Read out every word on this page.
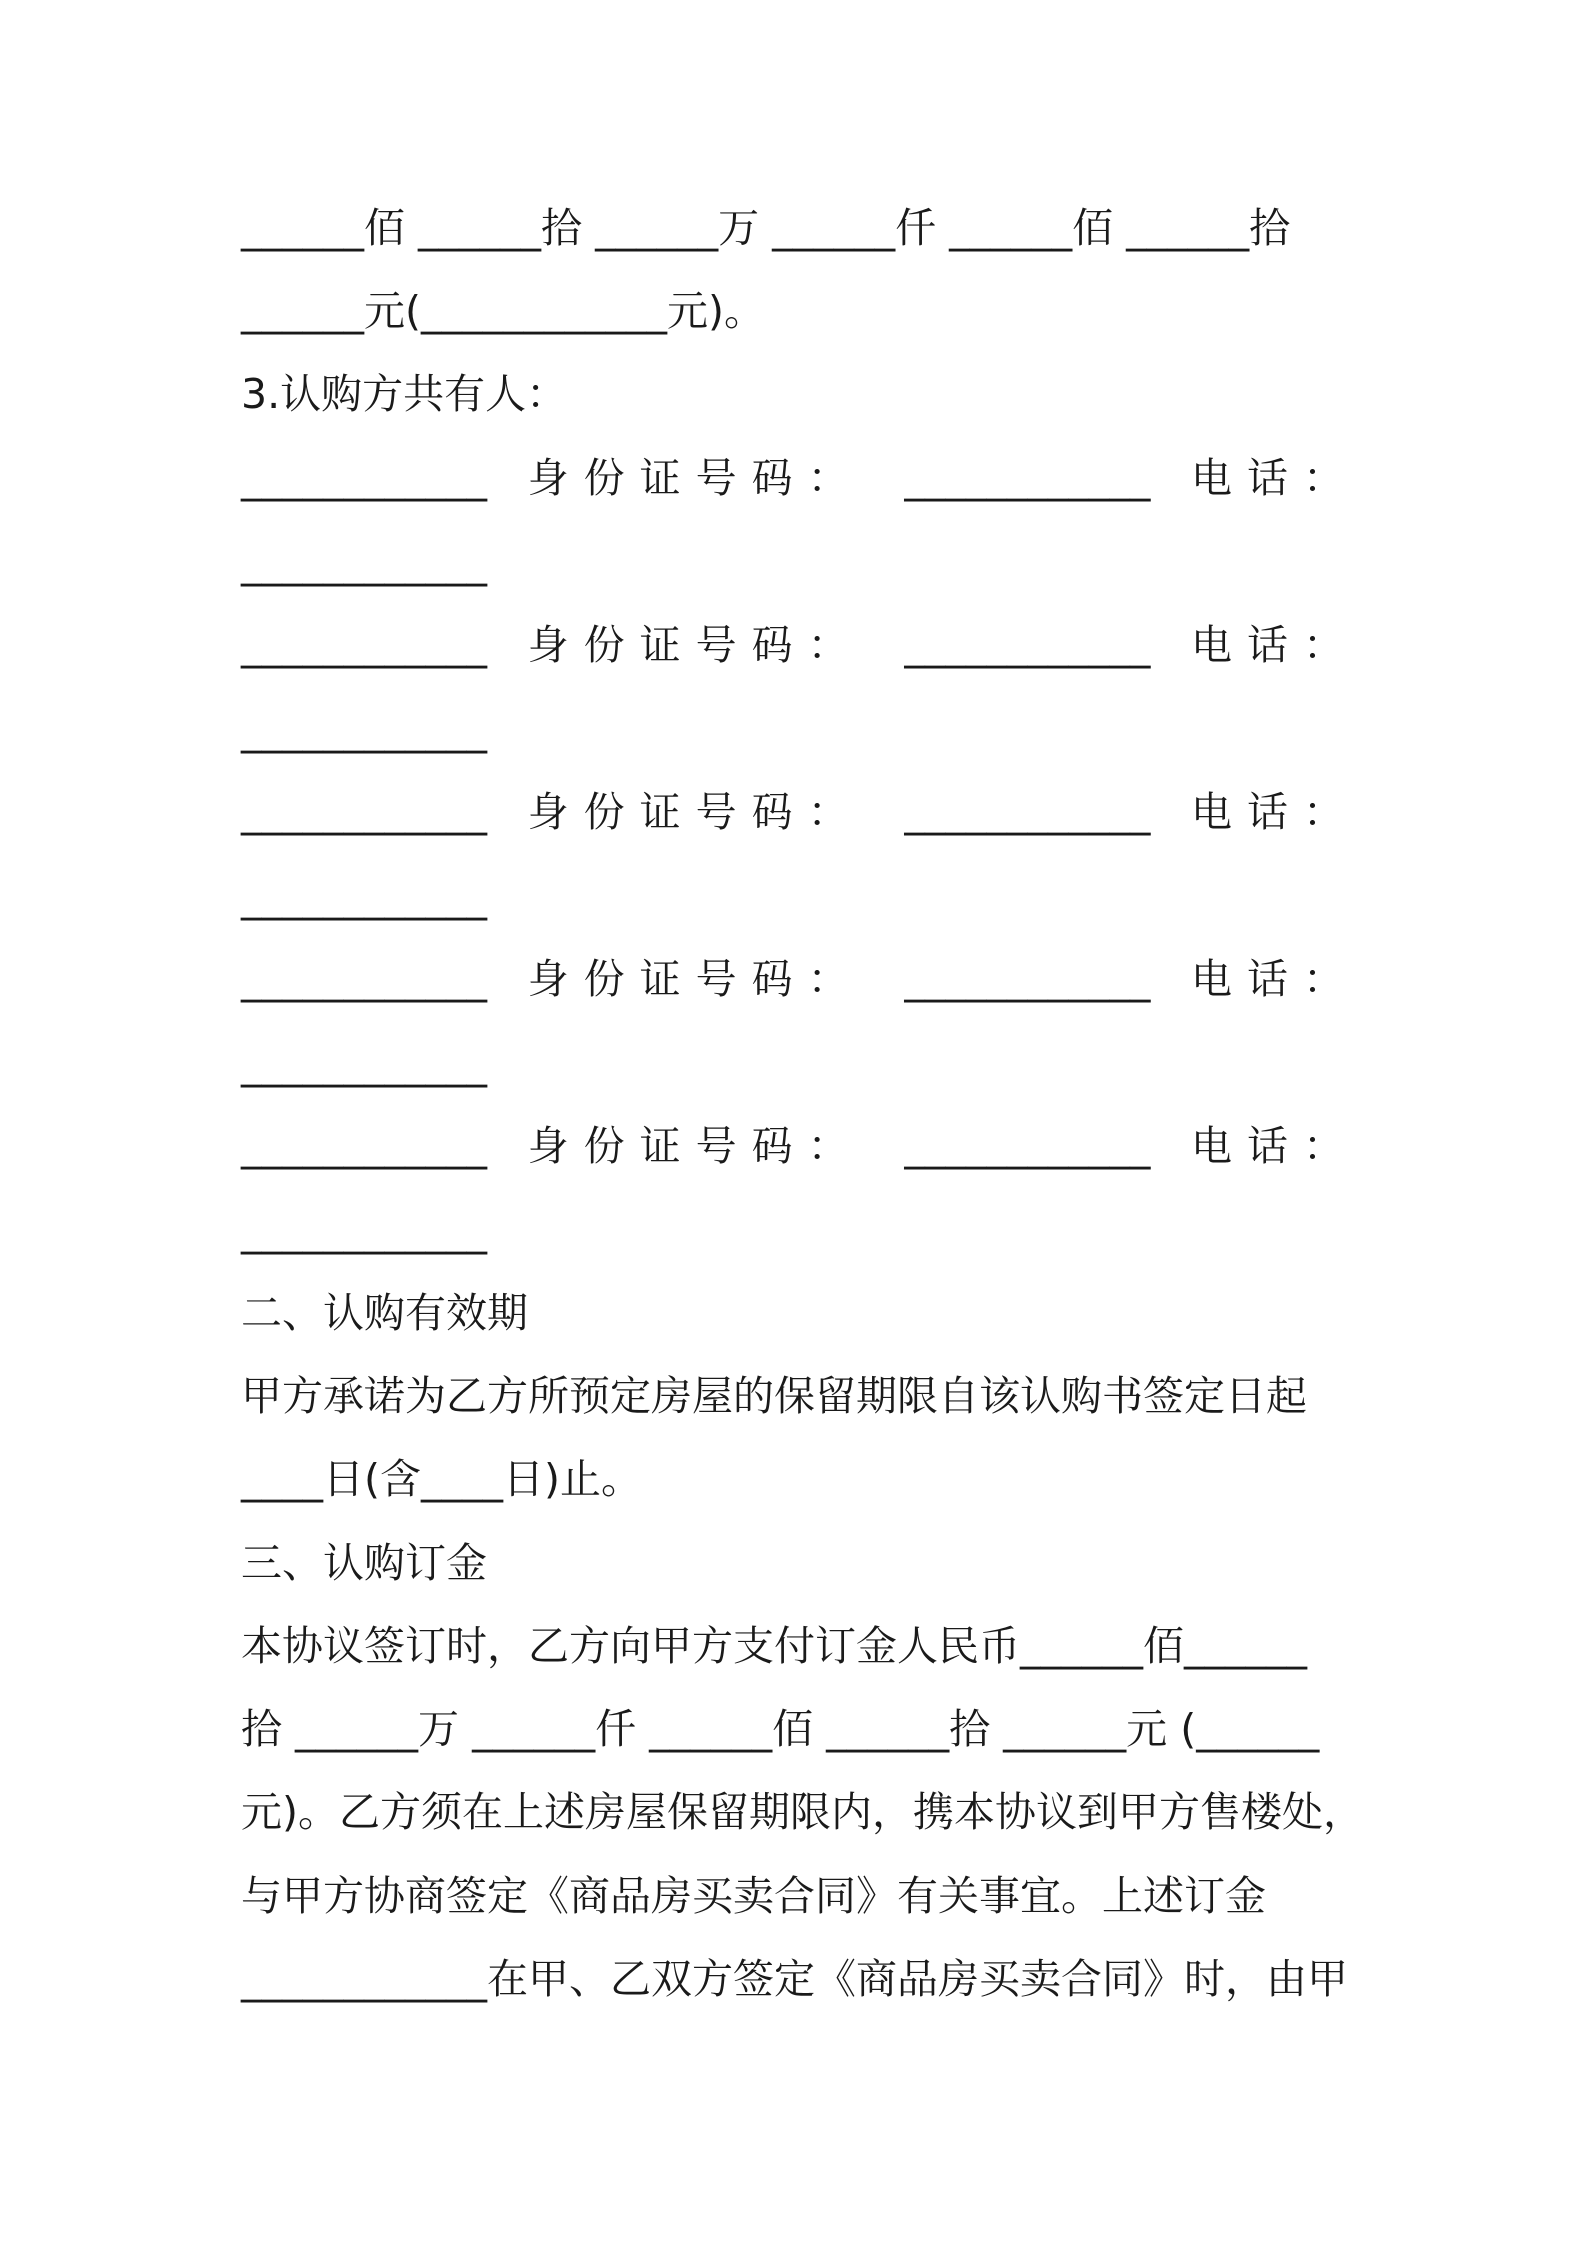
______佰 ______拾 ______万 ______仟 ______佰 ______拾
______元(____________元)。
3.认购方共有人：
____________ 身份证号码： ____________ 电话：
____________
____________ 身份证号码： ____________ 电话：
____________
____________ 身份证号码： ____________ 电话：
____________
____________ 身份证号码： ____________ 电话：
____________
____________ 身份证号码： ____________ 电话：
____________
二、认购有效期
甲方承诺为乙方所预定房屋的保留期限自该认购书签定日起
____日(含____日)止。
三、认购订金
本协议签订时，乙方向甲方支付订金人民币______佰______
拾 ______万 ______仟 ______佰 ______拾 ______元 (______
元)。乙方须在上述房屋保留期限内，携本协议到甲方售楼处，
与甲方协商签定《商品房买卖合同》有关事宜。上述订金
____________在甲、乙双方签定《商品房买卖合同》时，由甲
